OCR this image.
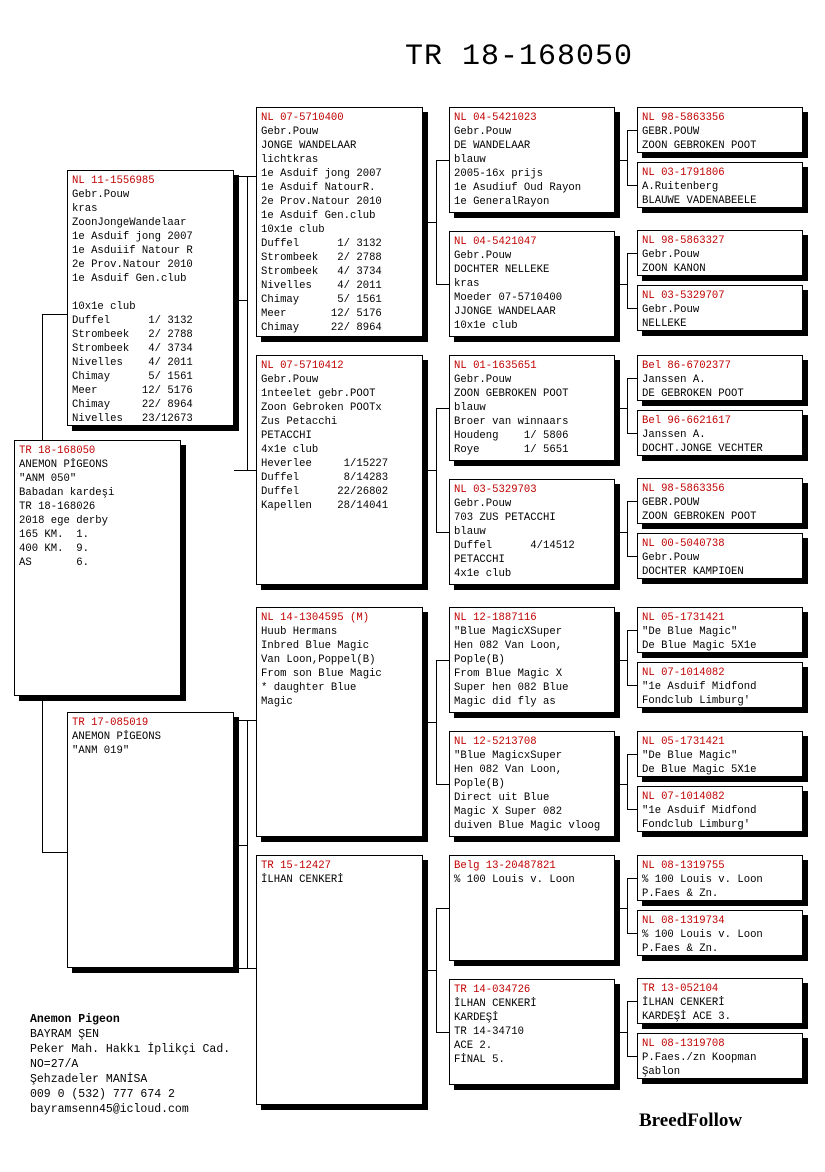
TR 18-168050
TR 18-168050
ANEMON PİGEONS
"ANM 050"
Babadan kardeşi
TR 18-168026
2018 ege derby
165 KM.  1.
400 KM.  9.
AS       6.
NL 11-1556985
Gebr.Pouw
kras
ZoonJongeWandelaar
1e Asduif jong 2007
1e Asduiif Natour R
2e Prov.Natour 2010
1e Asduif Gen.club
10x1e club
Duffel      1/ 3132
Strombeek   2/ 2788
Strombeek   4/ 3734
Nivelles    4/ 2011
Chimay      5/ 1561
Meer       12/ 5176
Chimay     22/ 8964
Nivelles   23/12673
TR 17-085019
ANEMON PİGEONS
"ANM 019"
NL 07-5710400
Gebr.Pouw
JONGE WANDELAAR
lichtkras
1e Asduif jong 2007
1e Asduif NatourR.
2e Prov.Natour 2010
1e Asduif Gen.club
10x1e club
Duffel      1/ 3132
Strombeek   2/ 2788
Strombeek   4/ 3734
Nivelles    4/ 2011
Chimay      5/ 1561
Meer       12/ 5176
Chimay     22/ 8964
NL 07-5710412
Gebr.Pouw
1nteelet gebr.POOT
Zoon Gebroken POOTx
Zus Petacchi
PETACCHI
4x1e club
Heverlee     1/15227
Duffel       8/14283
Duffel      22/26802
Kapellen    28/14041
NL 14-1304595 (M)
Huub Hermans
Inbred Blue Magic
Van Loon,Poppel(B)
From son Blue Magic
* daughter Blue
Magic
TR 15-12427
İLHAN CENKERİ
NL 04-5421023
Gebr.Pouw
DE WANDELAAR
blauw
2005-16x prijs
1e Asudiuf Oud Rayon
1e GeneralRayon
NL 04-5421047
Gebr.Pouw
DOCHTER NELLEKE
kras
Moeder 07-5710400
JJONGE WANDELAAR
10x1e club
NL 01-1635651
Gebr.Pouw
ZOON GEBROKEN POOT
blauw
Broer van winnaars
Houdeng    1/ 5806
Roye       1/ 5651
NL 03-5329703
Gebr.Pouw
703 ZUS PETACCHI
blauw
Duffel      4/14512
PETACCHI
4x1e club
NL 12-1887116
"Blue MagicXSuper
Hen 082 Van Loon,
Pople(B)
From Blue Magic X
Super hen 082 Blue
Magic did fly as
NL 12-5213708
"Blue MagicxSuper
Hen 082 Van Loon,
Pople(B)
Direct uit Blue
Magic X Super 082
duiven Blue Magic vloog
Belg 13-20487821
% 100 Louis v. Loon
TR 14-034726
İLHAN CENKERİ
KARDEŞİ
TR 14-34710
ACE 2.
FİNAL 5.
NL 98-5863356
GEBR.POUW
ZOON GEBROKEN POOT
NL 03-1791806
A.Ruitenberg
BLAUWE VADENABEELE
NL 98-5863327
Gebr.Pouw
ZOON KANON
NL 03-5329707
Gebr.Pouw
NELLEKE
Bel 86-6702377
Janssen A.
DE GEBROKEN POOT
Bel 96-6621617
Janssen A.
DOCHT.JONGE VECHTER
NL 98-5863356
GEBR.POUW
ZOON GEBROKEN POOT
NL 00-5040738
Gebr.Pouw
DOCHTER KAMPIOEN
NL 05-1731421
"De Blue Magic"
De Blue Magic 5X1e
NL 07-1014082
"1e Asduif Midfond
Fondclub Limburg'
NL 05-1731421
"De Blue Magic"
De Blue Magic 5X1e
NL 07-1014082
"1e Asduif Midfond
Fondclub Limburg'
NL 08-1319755
% 100 Louis v. Loon
P.Faes & Zn.
NL 08-1319734
% 100 Louis v. Loon
P.Faes & Zn.
TR 13-052104
İLHAN CENKERİ
KARDEŞİ ACE 3.
NL 08-1319708
P.Faes./zn Koopman
Şablon
Anemon Pigeon
BAYRAM ŞEN
Peker Mah. Hakkı İplikçi Cad.
NO=27/A
Şehzadeler MANİSA
009 0 (532) 777 674 2
bayramsenn45@icloud.com
BreedFollow
